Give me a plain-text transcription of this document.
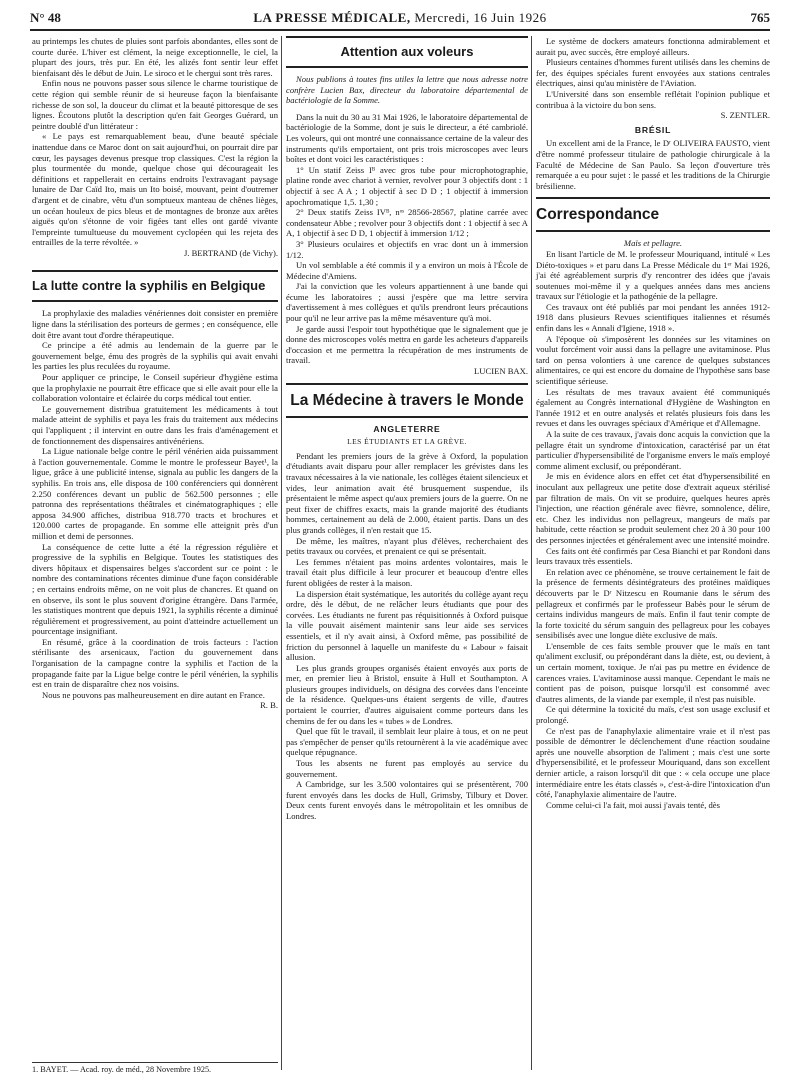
N° 48	LA PRESSE MÉDICALE, Mercredi, 16 Juin 1926	765

au printemps les chutes de pluies sont parfois abondantes, elles sont de courte durée. L'hiver est clément, la neige exceptionnelle, le ciel, la plupart des jours, très pur. En été, les alizés font sentir leur effet bienfaisant dès le début de Juin. Le siroco et le chergui sont très rares.

Enfin nous ne pouvons passer sous silence le charme touristique de cette région qui semble réunir de si heureuse façon la bienfaisante richesse de son sol, la douceur du climat et la beauté pittoresque de ses lignes. Écoutons plutôt la description qu'en fait Georges Guérard, un peintre doublé d'un littérateur :

« Le pays est remarquablement beau, d'une beauté spéciale inattendue dans ce Maroc dont on sait aujourd'hui, on pourrait dire par cœur, les paysages devenus presque trop classiques. C'est la région la plus tourmentée du monde, quelque chose qui décourageait les définitions et rappellerait en certains endroits l'extravagant paysage lunaire de Dar Caïd Ito, mais un Ito boisé, mouvant, peint d'outremer d'argent et de cinabre, vêtu d'un somptueux manteau de chênes lièges, un océan houleux de pics bleus et de montagnes de bronze aux arêtes aiguës qu'on s'étonne de voir figées tant elles ont gardé vivante l'empreinte tumultueuse du mouvement cyclopéen qui les rejeta des entrailles de la terre révoltée. »

J. BERTRAND (de Vichy).

La lutte contre la syphilis en Belgique

La prophylaxie des maladies vénériennes doit consister en première ligne dans la stérilisation des porteurs de germes ; en conséquence, elle doit être avant tout d'ordre thérapeutique.

Ce principe a été admis au lendemain de la guerre par le gouvernement belge, ému des progrès de la syphilis qui avait envahi les parties les plus reculées du royaume.

Pour appliquer ce principe, le Conseil supérieur d'hygiène estima que la prophylaxie ne pourrait être efficace que si elle avait pour elle la collaboration volontaire et éclairée du corps médical tout entier.

Le gouvernement distribua gratuitement les médicaments à tout malade atteint de syphilis et paya les frais du traitement aux médecins qui l'appliquent ; il intervint en outre dans les frais d'aménagement et de fonctionnement des dispensaires antivénériens.

La Ligue nationale belge contre le péril vénérien aida puissamment à l'action gouvernementale. Comme le montre le professeur Bayet¹, la ligue, grâce à une publicité intense, signala au public les dangers de la syphilis. En trois ans, elle disposa de 100 conférenciers qui donnèrent 2.250 conférences devant un public de 562.500 personnes ; elle patronna des représentations théâtrales et cinématographiques ; elle apposa 34.900 affiches, distribua 918.770 tracts et brochures et 120.000 cartes de propagande. En somme elle atteignit près d'un million et demi de personnes.

La conséquence de cette lutte a été la régression régulière et progressive de la syphilis en Belgique. Toutes les statistiques des divers hôpitaux et dispensaires belges s'accordent sur ce point : le nombre des contaminations récentes diminue d'une façon considérable ; en certains endroits même, on ne voit plus de chancres. Et quand on en observe, ils sont le plus souvent d'origine étrangère. Dans l'armée, les statistiques montrent que depuis 1921, la syphilis récente a diminué régulièrement et progressivement, au point d'atteindre actuellement un pourcentage insignifiant.

En résumé, grâce à la coordination de trois facteurs : l'action stérilisante des arsenicaux, l'action du gouvernement dans l'organisation de la campagne contre la syphilis et l'action de la propagande faite par la Ligue belge contre le péril vénérien, la syphilis est en train de disparaître chez nos voisins.

Nous ne pouvons pas malheureusement en dire autant en France.

R. B.

1. BAYET. — Acad. roy. de méd., 28 Novembre 1925.
Attention aux voleurs

Nous publions à toutes fins utiles la lettre que nous adresse notre confrère Lucien Bax, directeur du laboratoire départemental de bactériologie de la Somme.

Dans la nuit du 30 au 31 Mai 1926, le laboratoire départemental de bactériologie de la Somme, dont je suis le directeur, a été cambriolé. Les voleurs, qui ont montré une connaissance certaine de la valeur des instruments qu'ils emportaient, ont pris trois microscopes avec leurs boîtes et dont voici les caractéristiques :

1° Un statif Zeiss Iᴮ avec gros tube pour microphotographie, platine ronde avec chariot à vernier, revolver pour 3 objectifs dont : 1 objectif à sec A A ; 1 objectif à sec D D ; 1 objectif à immersion apochromatique 1,5. 1,30 ;

2° Deux statifs Zeiss IVᴮ, nᵒˢ 28566-28567, platine carrée avec condensateur Abbe ; revolver pour 3 objectifs dont : 1 objectif à sec A A, 1 objectif à sec D D, 1 objectif à immersion 1/12 ;

3° Plusieurs oculaires et objectifs en vrac dont un à immersion 1/12.

Un vol semblable a été commis il y a environ un mois à l'École de Médecine d'Amiens.

J'ai la conviction que les voleurs appartiennent à une bande qui écume les laboratoires ; aussi j'espère que ma lettre servira d'avertissement à mes collègues et qu'ils prendront leurs précautions pour qu'il ne leur arrive pas la même mésaventure qu'à moi.

Je garde aussi l'espoir tout hypothétique que le signalement que je donne des microscopes volés mettra en garde les acheteurs d'appareils d'occasion et me permettra la récupération de mes instruments de travail.

LUCIEN BAX.

La Médecine à travers le Monde
ANGLETERRE
LES ÉTUDIANTS ET LA GRÈVE.

Pendant les premiers jours de la grève à Oxford, la population d'étudiants avait disparu pour aller remplacer les grévistes dans les travaux nécessaires à la vie nationale, les collèges étaient silencieux et vides, leur animation avait été brusquement suspendue, ils présentaient le même aspect qu'aux premiers jours de la guerre. On ne peut fixer de chiffres exacts, mais la grande majorité des étudiants hommes, certainement au delà de 2.000, étaient partis. Dans un des plus grands collèges, il n'en restait que 15.

De même, les maîtres, n'ayant plus d'élèves, recherchaient des petits travaux ou corvées, et prenaient ce qui se présentait.

Les femmes n'étaient pas moins ardentes volontaires, mais le travail était plus difficile à leur procurer et beaucoup d'entre elles furent obligées de rester à la maison.

La dispersion était systématique, les autorités du collège ayant reçu ordre, dès le début, de ne relâcher leurs étudiants que pour des corvées. Les étudiants ne furent pas réquisitionnés à Oxford puisque la ville pouvait aisément maintenir sans leur aide ses services essentiels, et il n'y avait ainsi, à Oxford même, pas possibilité de friction du personnel à laquelle un manifeste du « Labour » faisait allusion.

Les plus grands groupes organisés étaient envoyés aux ports de mer, en premier lieu à Bristol, ensuite à Hull et Southampton. A plusieurs groupes individuels, on désigna des corvées dans l'enceinte de la résidence. Quelques-uns étaient sergents de ville, d'autres portaient le courrier, d'autres aiguisaient comme porteurs dans les chemins de fer ou dans les « tubes » de Londres.

Quel que fût le travail, il semblait leur plaire à tous, et on ne peut pas s'empêcher de penser qu'ils retournèrent à la vie académique avec quelque répugnance.

Tous les absents ne furent pas employés au service du gouvernement.

A Cambridge, sur les 3.500 volontaires qui se présentèrent, 700 furent envoyés dans les docks de Hull, Grimsby, Tilbury et Dover. Deux cents furent envoyés dans le métropolitain et les omnibus de Londres.

Le système de dockers amateurs fonctionna admirablement et aurait pu, avec succès, être employé ailleurs.

Plusieurs centaines d'hommes furent utilisés dans les chemins de fer, des équipes spéciales furent envoyées aux stations centrales électriques, ainsi qu'au ministère de l'Aviation.

L'Université dans son ensemble reflétait l'opinion publique et contribua à la victoire du bon sens.

S. ZENTLER.

BRÉSIL

Un excellent ami de la France, le Dʳ OLIVEIRA FAUSTO, vient d'être nommé professeur titulaire de pathologie chirurgicale à la Faculté de Médecine de San Paulo. Sa leçon d'ouverture très remarquée a eu pour sujet : le passé et les traditions de la Chirurgie brésilienne.

Correspondance

Maïs et pellagre.

En lisant l'article de M. le professeur Mouriquand, intitulé « Les Diéto-toxiques » et paru dans La Presse Médicale du 1ᵉʳ Mai 1926, j'ai été agréablement surpris d'y rencontrer des idées que j'avais soutenues moi-même il y a quelques années dans mes anciens travaux sur l'étiologie et la pathogénie de la pellagre.

Ces travaux ont été publiés par moi pendant les années 1912-1918 dans plusieurs Revues scientifiques italiennes et résumés enfin dans les « Annali d'Igiene, 1918 ».

A l'époque où s'imposèrent les données sur les vitamines on voulut forcément voir aussi dans la pellagre une avitaminose. Plus tard on pensa volontiers à une carence de quelques substances alimentaires, ce qui est encore du domaine de l'hypothèse sans base scientifique sérieuse.

Les résultats de mes travaux avaient été communiqués également au Congrès international d'Hygiène de Washington en l'année 1912 et en outre analysés et relatés plusieurs fois dans les revues et dans les ouvrages spéciaux d'Amérique et d'Allemagne.

A la suite de ces travaux, j'avais donc acquis la conviction que la pellagre était un syndrome d'intoxication, caractérisé par un état particulier d'hypersensibilité de l'organisme envers le maïs employé comme aliment exclusif, ou prépondérant.

Je mis en évidence alors en effet cet état d'hypersensibilité en inoculant aux pellagreux une petite dose d'extrait aqueux stérilisé par filtration de maïs. On vit se produire, quelques heures après l'injection, une réaction générale avec fièvre, somnolence, délire, etc. Chez les individus non pellagreux, mangeurs de maïs par habitude, cette réaction se produit seulement chez 20 à 30 pour 100 des personnes injectées et généralement avec une intensité moindre.

Ces faits ont été confirmés par Cesa Bianchi et par Rondoni dans leurs travaux très essentiels.

En relation avec ce phénomène, se trouve certainement le fait de la présence de ferments désintégrateurs des protéines maïdiques découverts par le Dʳ Nitzescu en Roumanie dans le sérum des pellagreux et confirmés par le professeur Babès pour le sérum de certains individus mangeurs de maïs. Enfin il faut tenir compte de la forte toxicité du sérum sanguin des pellagreux pour les cobayes sensibilisés avec une longue diète exclusive de maïs.

L'ensemble de ces faits semble prouver que le maïs en tant qu'aliment exclusif, ou prépondérant dans la diète, est, ou devient, à un certain moment, toxique. Je n'ai pas pu mettre en évidence de carences vraies. L'avitaminose aussi manque. Cependant le maïs ne contient pas de poison, puisque lorsqu'il est consommé avec d'autres aliments, de la viande par exemple, il n'est pas nuisible.

Ce qui détermine la toxicité du maïs, c'est son usage exclusif et prolongé.

Ce n'est pas de l'anaphylaxie alimentaire vraie et il n'est pas possible de démontrer le déclenchement d'une réaction soudaine après une nouvelle absorption de l'aliment ; mais c'est une sorte d'hypersensibilité, et le professeur Mouriquand, dans son excellent dernier article, a raison lorsqu'il dit que : « cela occupe une place intermédiaire entre les états classés », c'est-à-dire l'intoxication d'un côté, l'anaphylaxie alimentaire de l'autre.

Comme celui-ci l'a fait, moi aussi j'avais tenté, dès
